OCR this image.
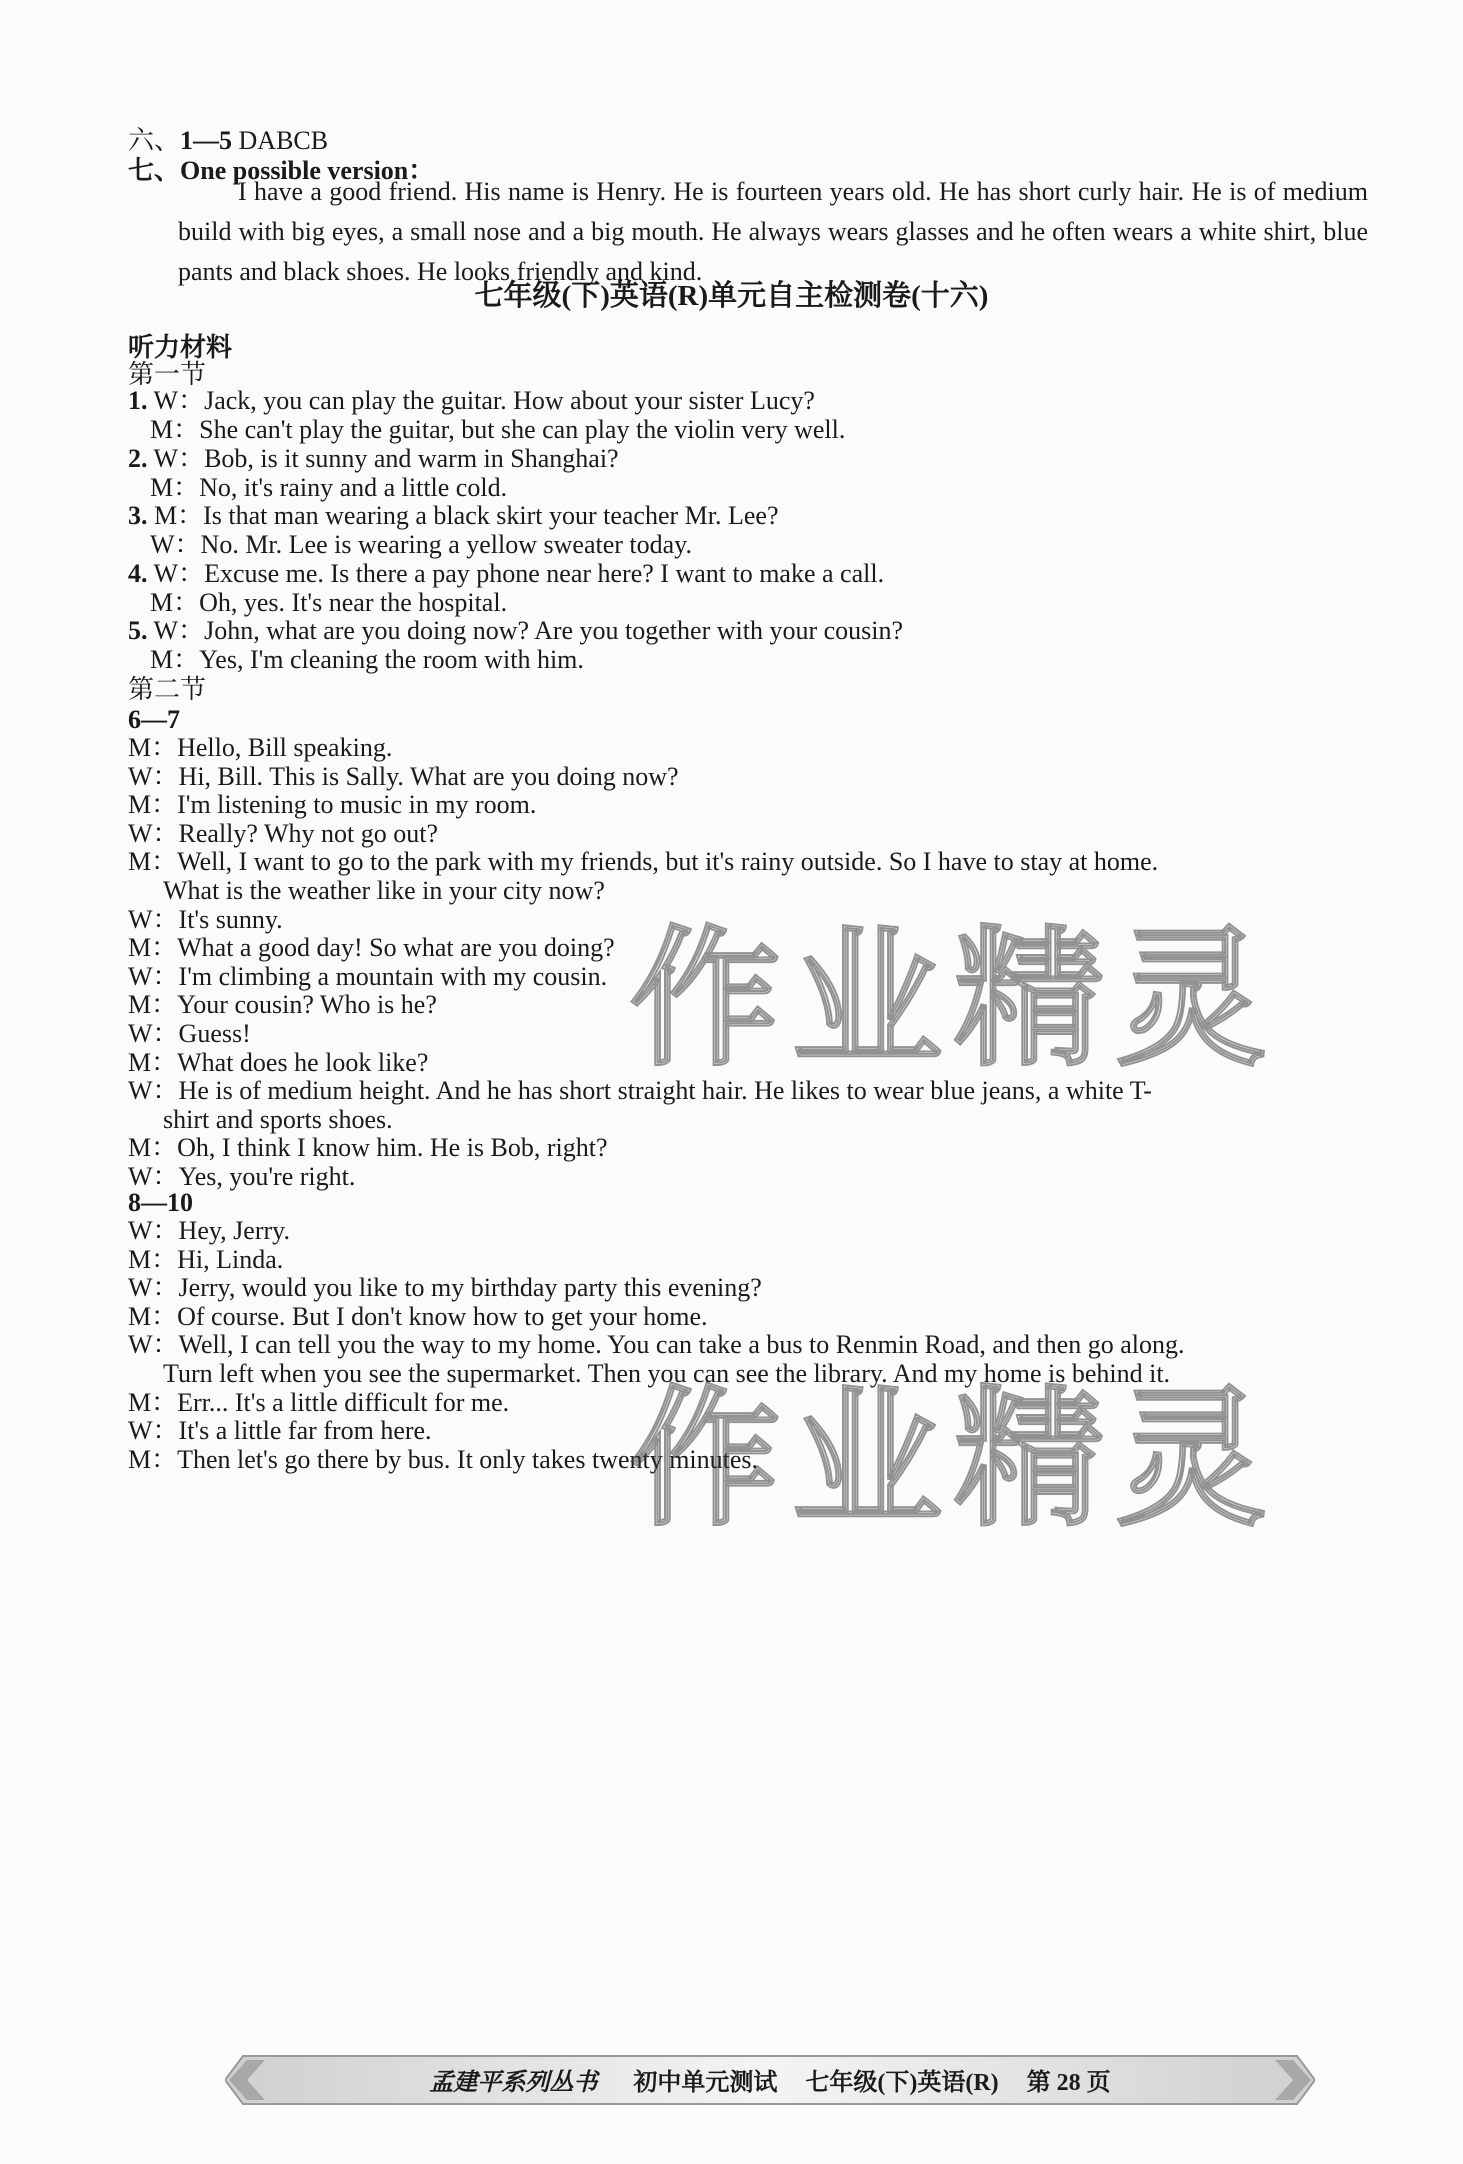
六、1—5 DABCB
七、One possible version：
I have a good friend. His name is Henry. He is fourteen years old. He has short curly hair. He is of medium build with big eyes, a small nose and a big mouth. He always wears glasses and he often wears a white shirt, blue pants and black shoes. He looks friendly and kind.
七年级(下)英语(R)单元自主检测卷(十六)
听力材料
第一节
1. W：Jack, you can play the guitar. How about your sister Lucy?
M：She can't play the guitar, but she can play the violin very well.
2. W：Bob, is it sunny and warm in Shanghai?
M：No, it's rainy and a little cold.
3. M：Is that man wearing a black skirt your teacher Mr. Lee?
W：No. Mr. Lee is wearing a yellow sweater today.
4. W：Excuse me. Is there a pay phone near here? I want to make a call.
M：Oh, yes. It's near the hospital.
5. W：John, what are you doing now? Are you together with your cousin?
M：Yes, I'm cleaning the room with him.
第二节
6—7
M：Hello, Bill speaking.
W：Hi, Bill. This is Sally. What are you doing now?
M：I'm listening to music in my room.
W：Really? Why not go out?
M：Well, I want to go to the park with my friends, but it's rainy outside. So I have to stay at home.
What is the weather like in your city now?
W：It's sunny.
M：What a good day! So what are you doing?
W：I'm climbing a mountain with my cousin.
M：Your cousin? Who is he?
W：Guess!
M：What does he look like?
W：He is of medium height. And he has short straight hair. He likes to wear blue jeans, a white T-
shirt and sports shoes.
M：Oh, I think I know him. He is Bob, right?
W：Yes, you're right.
8—10
W：Hey, Jerry.
M：Hi, Linda.
W：Jerry, would you like to my birthday party this evening?
M：Of course. But I don't know how to get your home.
W：Well, I can tell you the way to my home. You can take a bus to Renmin Road, and then go along.
Turn left when you see the supermarket. Then you can see the library. And my home is behind it.
M：Err... It's a little difficult for me.
W：It's a little far from here.
M：Then let's go there by bus. It only takes twenty minutes.
作业精灵
作业精灵
孟建平系列丛书 初中单元测试 七年级(下)英语(R) 第 28 页
